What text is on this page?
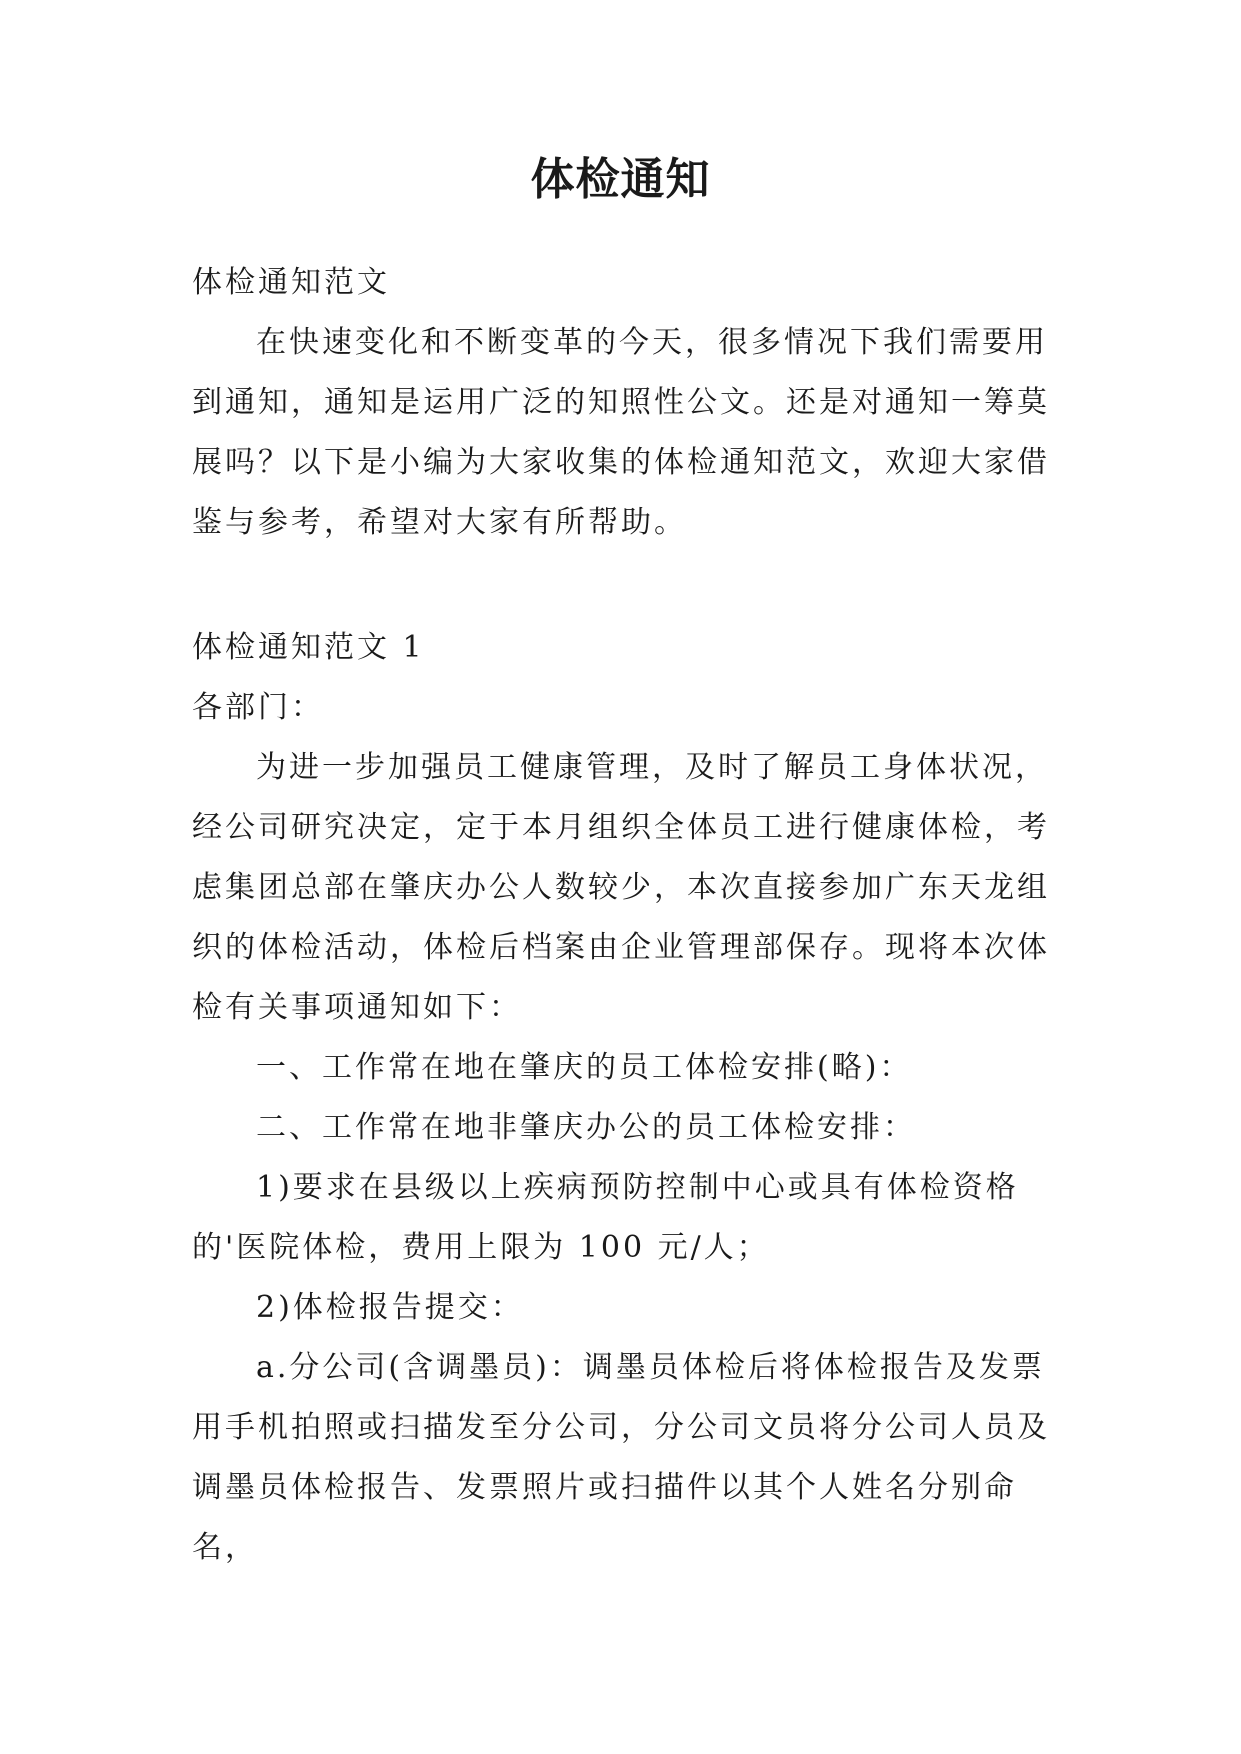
体检通知

体检通知范文

在快速变化和不断变革的今天，很多情况下我们需要用到通知，通知是运用广泛的知照性公文。还是对通知一筹莫展吗？以下是小编为大家收集的体检通知范文，欢迎大家借鉴与参考，希望对大家有所帮助。

体检通知范文 1

各部门：

为进一步加强员工健康管理，及时了解员工身体状况，经公司研究决定，定于本月组织全体员工进行健康体检，考虑集团总部在肇庆办公人数较少，本次直接参加广东天龙组织的体检活动，体检后档案由企业管理部保存。现将本次体检有关事项通知如下：

一、工作常在地在肇庆的员工体检安排(略)：

二、工作常在地非肇庆办公的员工体检安排：

1)要求在县级以上疾病预防控制中心或具有体检资格的'医院体检，费用上限为 100 元/人；

2)体检报告提交：

a.分公司(含调墨员)：调墨员体检后将体检报告及发票用手机拍照或扫描发至分公司，分公司文员将分公司人员及调墨员体检报告、发票照片或扫描件以其个人姓名分别命名，
